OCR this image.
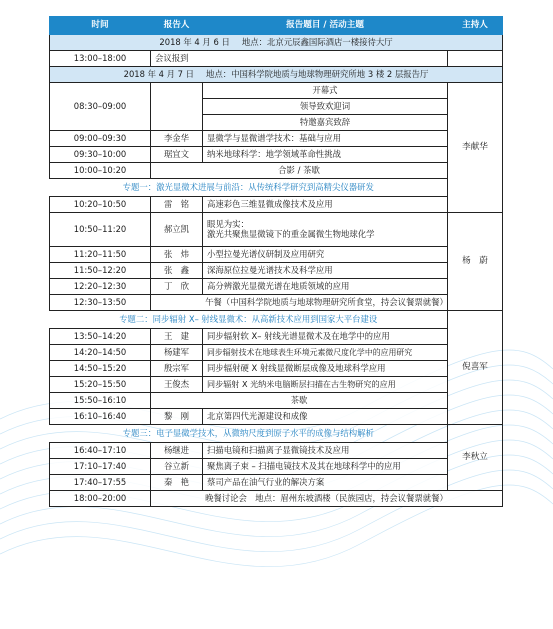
时间	报告人	报告题目 / 活动主题	主持人
2018 年 4 月 6 日 地点：北京元辰鑫国际酒店一楼接待大厅			
13:00–18:00	会议报到		
2018 年 4 月 7 日 地点：中国科学院地质与地球物理研究所地 3 楼 2 层报告厅			
08:30–09:00		开幕式	李献华
		领导致欢迎词	
		特邀嘉宾致辞	
09:00–09:30	李金华	显微学与显微谱学技术：基础与应用	
09:30–10:00	琚宜文	纳米地球科学：地学领域革命性挑战	
10:00–10:20	合影 / 茶歇		
专题一：激光显微术进展与前沿：从传统科学研究到高精尖仪器研发			
10:20–10:50	雷　铭	高速彩色三维显微成像技术及应用	
10:50–11:20	郝立凯	眼见为实：
激光共聚焦显微镜下的重金属微生物地球化学	杨　蔚
11:20–11:50	张　炜	小型拉曼光谱仪研制及应用研究	
11:50–12:20	张　鑫	深海原位拉曼光谱技术及科学应用	
12:20–12:30	丁　欣	高分辨激光显微光谱在地质领域的应用	
12:30–13:50	午餐（中国科学院地质与地球物理研究所食堂，持会议餐票就餐）		
专题二：同步辐射 X– 射线显微术：从高新技术应用到国家大平台建设			倪喜军
13:50–14:20	王　建	同步辐射软 X– 射线光谱显微术及在地学中的应用	
14:20–14:50	杨建军	同步辐射技术在地球表生环境元素微尺度化学中的应用研究	
14:50–15:20	殷宗军	同步辐射硬 X 射线显微断层成像及地球科学应用	
15:20–15:50	王俊杰	同步辐射 X 光纳米电脑断层扫描在古生物研究的应用	
15:50–16:10	茶歇		
16:10–16:40	黎　刚	北京第四代光源建设和成像	
专题三：电子显微学技术，从微纳尺度到原子水平的成像与结构解析			李秋立
16:40–17:10	杨继进	扫描电镜和扫描离子显微镜技术及应用	
17:10–17:40	谷立新	聚焦离子束 – 扫描电镜技术及其在地球科学中的应用	
17:40–17:55	秦　艳	蔡司产品在油气行业的解决方案	
18:00–20:00	晚餐讨论会　地点：眉州东坡酒楼（民族园店，持会议餐票就餐）		
